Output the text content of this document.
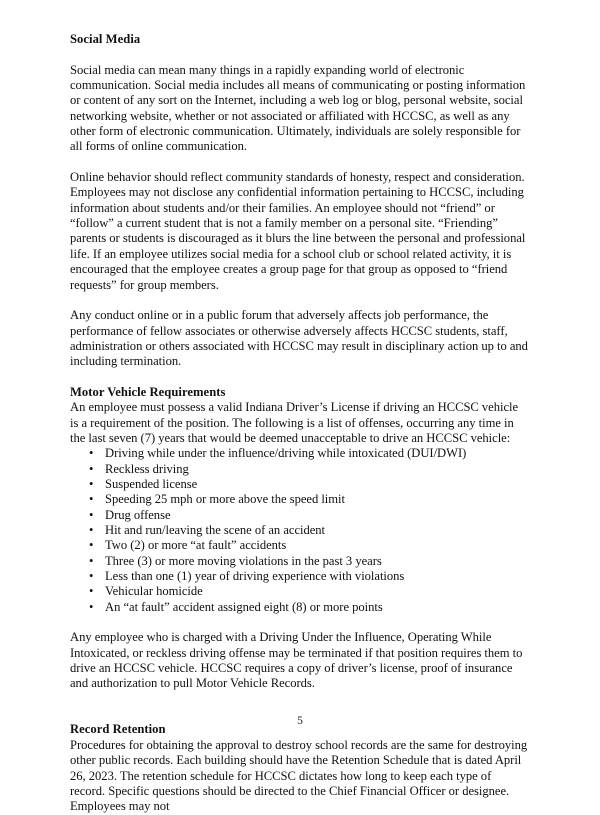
Social Media

Social media can mean many things in a rapidly expanding world of electronic communication. Social media includes all means of communicating or posting information or content of any sort on the Internet, including a web log or blog, personal website, social networking website, whether or not associated or affiliated with HCCSC, as well as any other form of electronic communication. Ultimately, individuals are solely responsible for all forms of online communication.

Online behavior should reflect community standards of honesty, respect and consideration. Employees may not disclose any confidential information pertaining to HCCSC, including information about students and/or their families. An employee should not “friend” or “follow” a current student that is not a family member on a personal site. “Friending” parents or students is discouraged as it blurs the line between the personal and professional life. If an employee utilizes social media for a school club or school related activity, it is encouraged that the employee creates a group page for that group as opposed to “friend requests” for group members.

Any conduct online or in a public forum that adversely affects job performance, the performance of fellow associates or otherwise adversely affects HCCSC students, staff, administration or others associated with HCCSC may result in disciplinary action up to and including termination.

Motor Vehicle Requirements

An employee must possess a valid Indiana Driver’s License if driving an HCCSC vehicle is a requirement of the position. The following is a list of offenses, occurring any time in the last seven (7) years that would be deemed unacceptable to drive an HCCSC vehicle:

• Driving while under the influence/driving while intoxicated (DUI/DWI)
• Reckless driving
• Suspended license
• Speeding 25 mph or more above the speed limit
• Drug offense
• Hit and run/leaving the scene of an accident
• Two (2) or more “at fault” accidents
• Three (3) or more moving violations in the past 3 years
• Less than one (1) year of driving experience with violations
• Vehicular homicide
• An “at fault” accident assigned eight (8) or more points

Any employee who is charged with a Driving Under the Influence, Operating While Intoxicated, or reckless driving offense may be terminated if that position requires them to drive an HCCSC vehicle. HCCSC requires a copy of driver’s license, proof of insurance and authorization to pull Motor Vehicle Records.

Record Retention

Procedures for obtaining the approval to destroy school records are the same for destroying other public records. Each building should have the Retention Schedule that is dated April 26, 2023. The retention schedule for HCCSC dictates how long to keep each type of record. Specific questions should be directed to the Chief Financial Officer or designee. Employees may not

5
